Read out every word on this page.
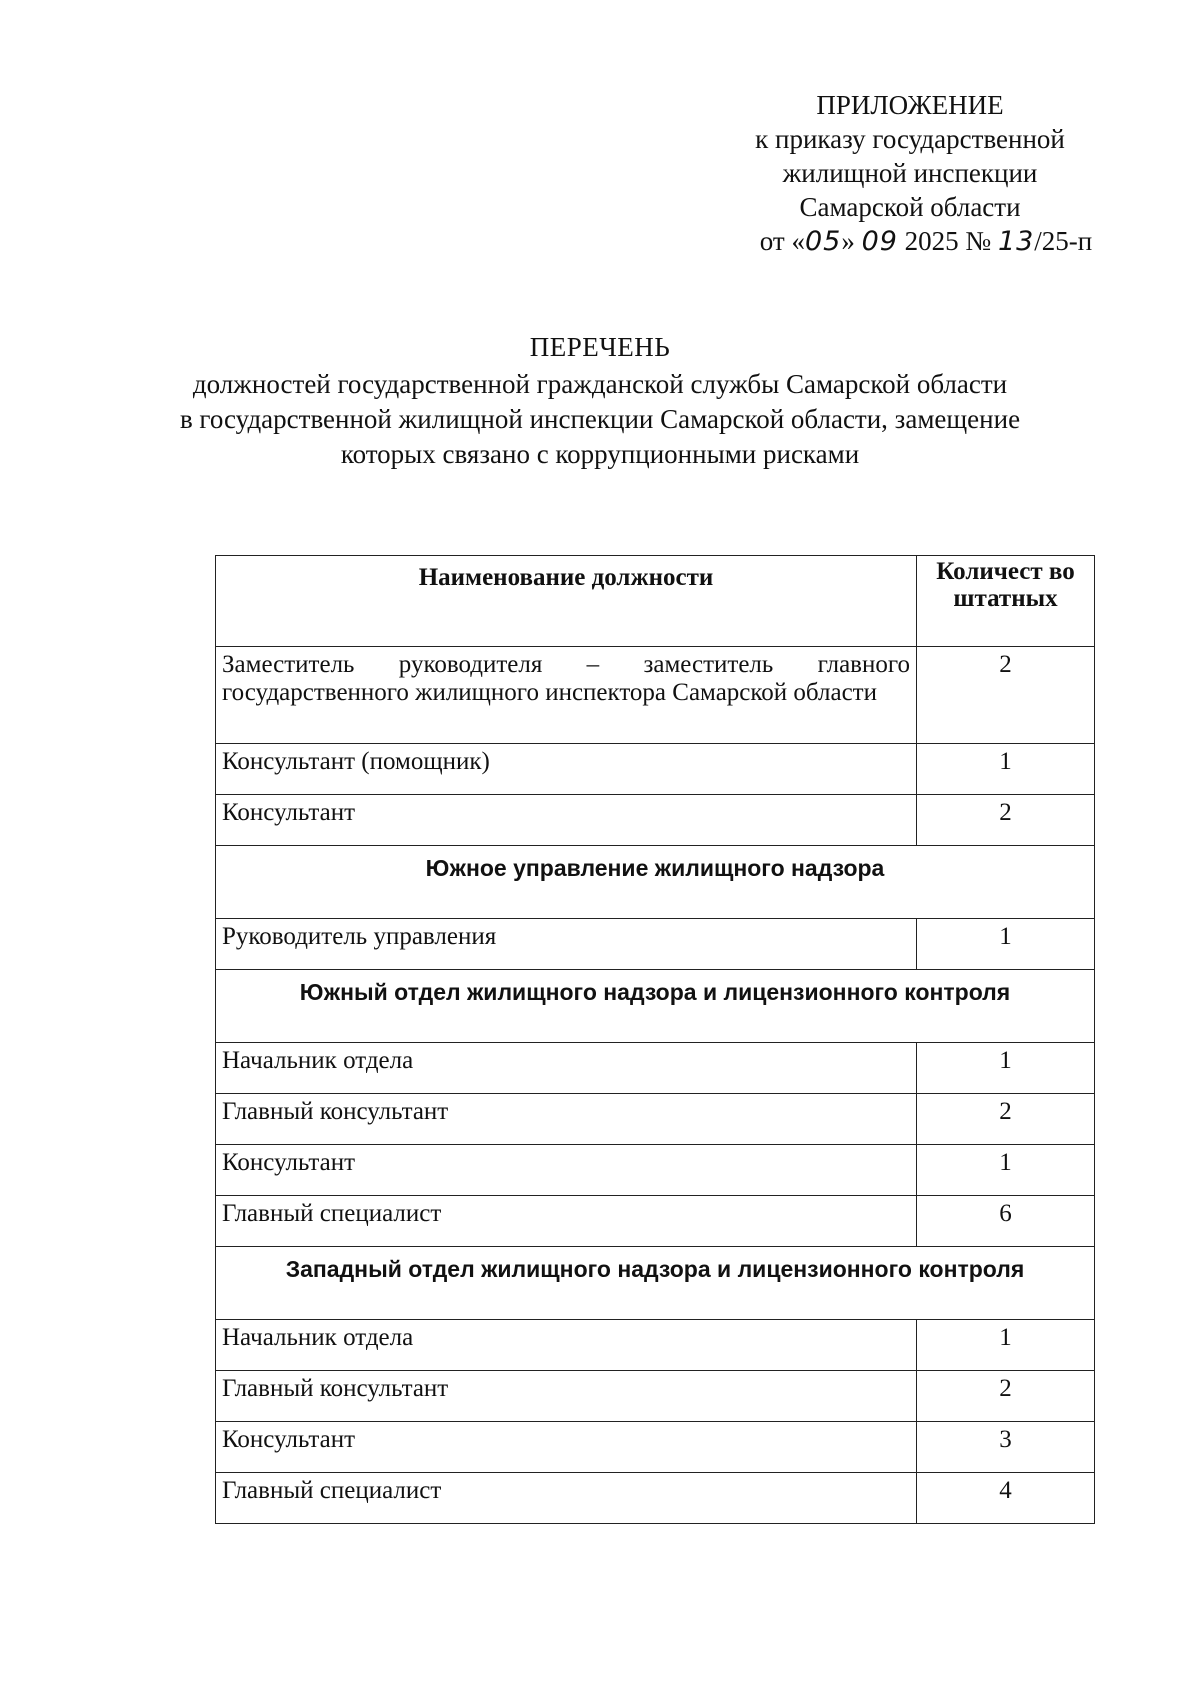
ПРИЛОЖЕНИЕ
к приказу государственной
жилищной инспекции
Самарской области
от «05» 09 2025 № 13/25-п
ПЕРЕЧЕНЬ
должностей государственной гражданской службы Самарской области
в государственной жилищной инспекции Самарской области, замещение
которых связано с коррупционными рисками
Наименование должности	Количест во штатных
Заместитель руководителя – заместитель главного государственного жилищного инспектора Самарской области	2
Консультант (помощник)	1
Консультант	2
Южное управление жилищного надзора	
Руководитель управления	1
Южный отдел жилищного надзора и лицензионного контроля	
Начальник отдела	1
Главный консультант	2
Консультант	1
Главный специалист	6
Западный отдел жилищного надзора и лицензионного контроля	
Начальник отдела	1
Главный консультант	2
Консультант	3
Главный специалист	4
